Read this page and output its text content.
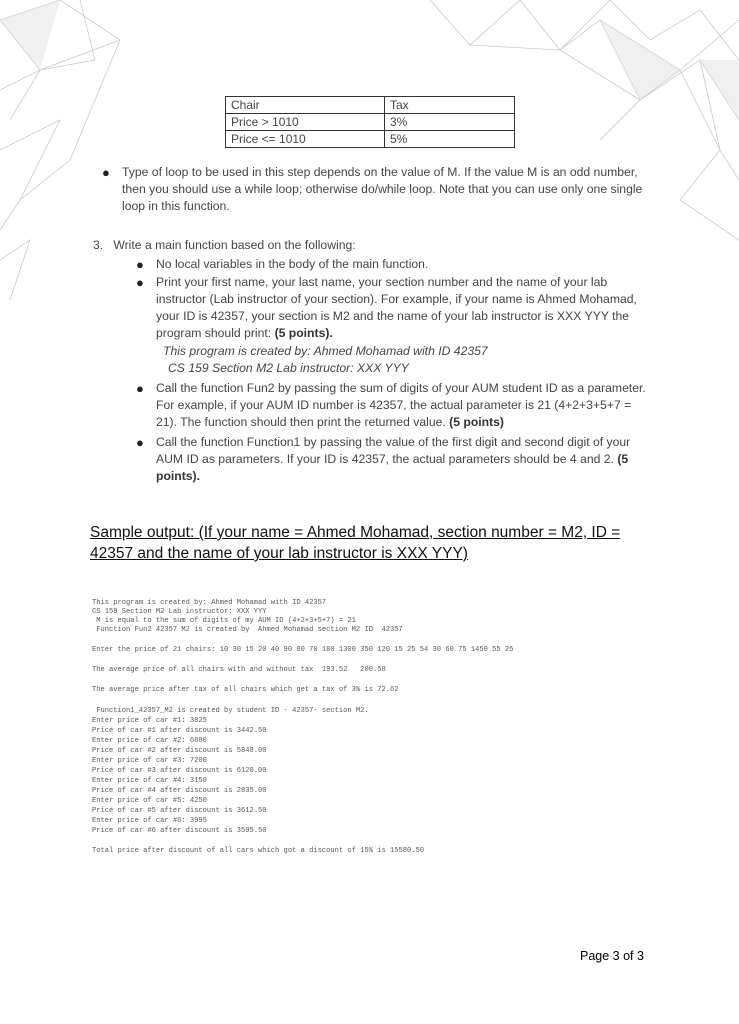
Chair	Tax
Price > 1010	3%
Price <= 1010	5%
● Type of loop to be used in this step depends on the value of M. If the value M is an odd number, then you should use a while loop; otherwise do/while loop. Note that you can use only one single loop in this function.
3. Write a main function based on the following:
● No local variables in the body of the main function.
● Print your first name, your last name, your section number and the name of your lab instructor (Lab instructor of your section). For example, if your name is Ahmed Mohamad, your ID is 42357, your section is M2 and the name of your lab instructor is XXX YYY the program should print: (5 points).
This program is created by: Ahmed Mohamad with ID 42357
CS 159 Section M2 Lab instructor: XXX YYY
● Call the function Fun2 by passing the sum of digits of your AUM student ID as a parameter. For example, if your AUM ID number is 42357, the actual parameter is 21 (4+2+3+5+7 = 21). The function should then print the returned value. (5 points)
● Call the function Function1 by passing the value of the first digit and second digit of your AUM ID as parameters. If your ID is 42357, the actual parameters should be 4 and 2. (5 points).
Sample output: (If your name = Ahmed Mohamad, section number = M2, ID = 42357 and the name of your lab instructor is XXX YYY)
This program is created by: Ahmed Mohamad with ID 42357
CS 159 Section M2 Lab instructor: XXX YYY
M is equal to the sum of digits of my AUM ID (4+2+3+5+7) = 21
Function Fun2 42357 M2 is created by  Ahmed Mohamad section M2 ID  42357
Enter the price of 21 chairs: 10 30 15 20 40 90 80 70 180 1300 350 120 15 25 54 30 60 75 1450 55 25
The average price of all chairs with and without tax  193.52   200.58
The average price after tax of all chairs which get a tax of 3% is 72.62
Function1_42357_M2 is created by student ID - 42357- section M2.
Enter price of car #1: 3825
Price of car #1 after discount is 3442.50
Enter price of car #2: 6880
Price of car #2 after discount is 5848.00
Enter price of car #3: 7200
Price of car #3 after discount is 6120.00
Enter price of car #4: 3150
Price of car #4 after discount is 2835.00
Enter price of car #5: 4250
Price of car #5 after discount is 3612.50
Enter price of car #6: 3995
Price of car #6 after discount is 3595.50
Total price after discount of all cars which got a discount of 15% is 15580.50
Page 3 of 3
